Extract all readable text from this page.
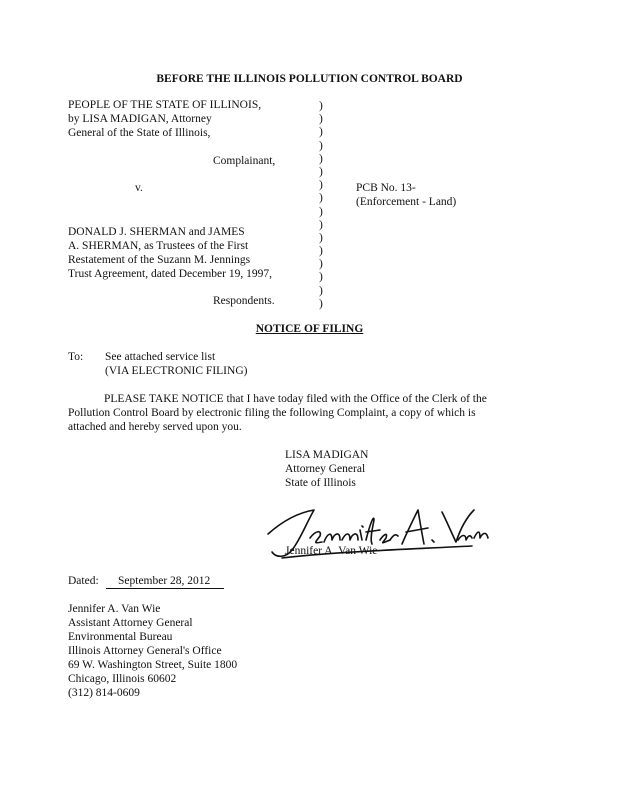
BEFORE THE ILLINOIS POLLUTION CONTROL BOARD
PEOPLE OF THE STATE OF ILLINOIS,
by LISA MADIGAN, Attorney
General of the State of Illinois,
Complainant,
v.	PCB No. 13-
(Enforcement - Land)
DONALD J. SHERMAN and JAMES
A. SHERMAN, as Trustees of the First
Restatement of the Suzann M. Jennings
Trust Agreement, dated December 19, 1997,
Respondents.
)
)
)
)
)
)
)
)
)
)
)
)
)
)
)
)
NOTICE OF FILING
To: See attached service list
(VIA ELECTRONIC FILING)
PLEASE TAKE NOTICE that I have today filed with the Office of the Clerk of the
Pollution Control Board by electronic filing the following Complaint, a copy of which is
attached and hereby served upon you.
LISA MADIGAN
Attorney General
State of Illinois
Jennifer A. Van Wie
Dated:	September 28, 2012
Jennifer A. Van Wie
Assistant Attorney General
Environmental Bureau
Illinois Attorney General's Office
69 W. Washington Street, Suite 1800
Chicago, Illinois 60602
(312) 814-0609
